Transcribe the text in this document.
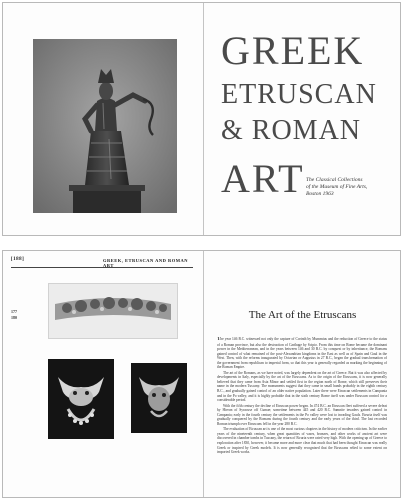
GREEK
ETRUSCAN
& ROMAN
ART The Classical Collections
of the Museum of Fine Arts,
Boston 1963
[188]	GREEK, ETRUSCAN AND ROMAN ART
177
180	The Art of the Etruscans

The year 146 B.C. witnessed not only the capture of Corinth by Mummius and the reduction of Greece to the status of a Roman province, but also the destruction of Carthage by Scipio. From this time on Rome became the dominant power in the Mediterranean, and in the years between 146 and 30 B.C. by conquest or by inheritance, the Romans gained control of what remained of the post-Alexandrian kingdoms in the East as well as of Spain and Gaul in the West. Then, with the reforms inaugurated by Octavian or Augustus in 27 B.C., began the gradual transformation of the government from republican to imperial form, so that this year is generally regarded as marking the beginning of the Roman Empire.

The art of the Romans, as we have noted, was largely dependent on the art of Greece. But it was also affected by developments in Italy, especially by the art of the Etruscans. As to the origin of the Etruscans, it is now generally believed that they came from Asia Minor and settled first in the region north of Rome, which still preserves their name in the modern Tuscany. The monuments suggest that they came in small bands probably in the eighth century B.C., and gradually gained control of an older native population. Later there were Etruscan settlements in Campania and in the Po valley, and it is highly probable that in the sixth century Rome itself was under Etruscan control for a considerable period.

With the fifth century the decline of Etruscan power began. In 474 B.C. an Etruscan fleet suffered a severe defeat by Hieron of Syracuse off Cumae; sometime between 445 and 420 B.C. Samnite invaders gained control in Campania; early in the fourth century the settlements in the Po valley were lost to invading Gauls. Etruria itself was gradually conquered by the Romans during the fourth century and the early years of the third. The last recorded Roman triumph over Etruscans fell in the year 280 B.C.

The evaluation of Etruscan art is one of the most curious chapters in the history of modern criticism. In the earlier years of the nineteenth century, when great quantities of vases, bronzes, and other works of ancient art were discovered in chamber tombs in Tuscany, the return of Etruria were rated very high. With the opening up of Greece to exploration after 1830, however, it became more and more clear that much that had been thought Etruscan was really Greek or inspired by Greek models. It is now generally recognized that the Etruscans relied to some extent on imported Greek works.
